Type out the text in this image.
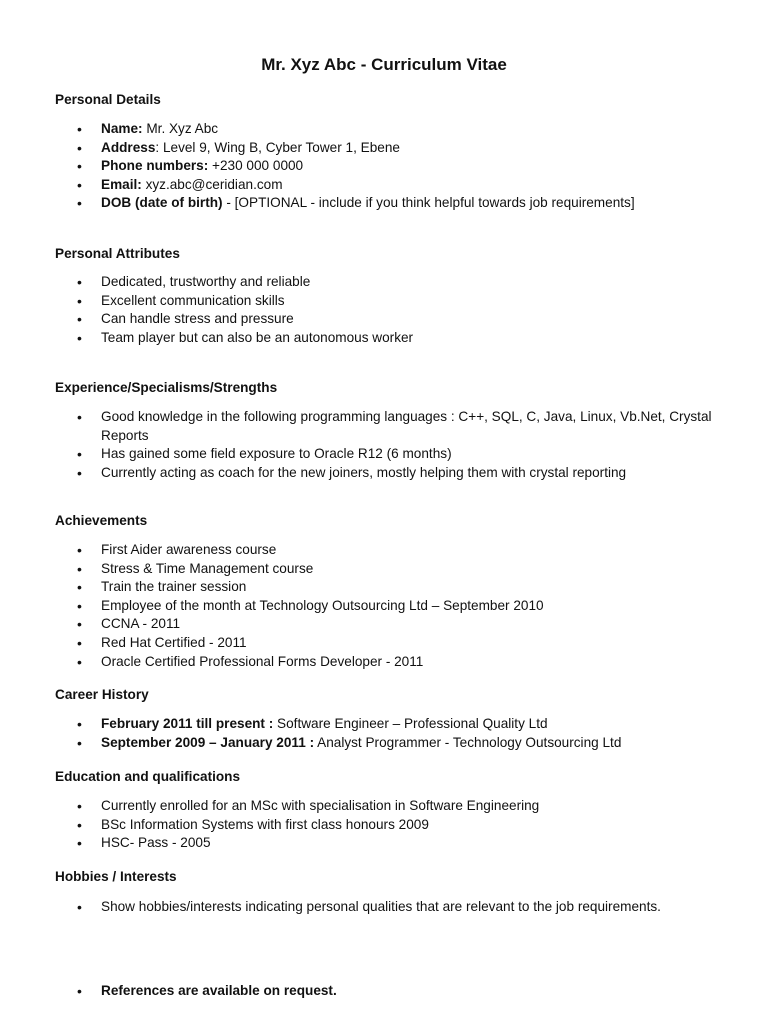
Mr. Xyz Abc - Curriculum Vitae
Personal Details
• Name: Mr. Xyz Abc
• Address: Level 9, Wing B, Cyber Tower 1, Ebene
• Phone numbers: +230 000 0000
• Email: xyz.abc@ceridian.com
• DOB (date of birth) - [OPTIONAL - include if you think helpful towards job requirements]
Personal Attributes
• Dedicated, trustworthy and reliable
• Excellent communication skills
• Can handle stress and pressure
• Team player but can also be an autonomous worker
Experience/Specialisms/Strengths
• Good knowledge in the following programming languages : C++, SQL, C, Java, Linux, Vb.Net, Crystal Reports
• Has gained some field exposure to Oracle R12 (6 months)
• Currently acting as coach for the new joiners, mostly helping them with crystal reporting
Achievements
• First Aider awareness course
• Stress & Time Management course
• Train the trainer session
• Employee of the month at Technology Outsourcing Ltd – September 2010
• CCNA - 2011
• Red Hat Certified - 2011
• Oracle Certified Professional Forms Developer - 2011
Career History
• February 2011 till present : Software Engineer – Professional Quality Ltd
• September 2009 – January 2011 : Analyst Programmer - Technology Outsourcing Ltd
Education and qualifications
• Currently enrolled for an MSc with specialisation in Software Engineering
• BSc Information Systems with first class honours 2009
• HSC- Pass - 2005
Hobbies / Interests
• Show hobbies/interests indicating personal qualities that are relevant to the job requirements.
• References are available on request.
